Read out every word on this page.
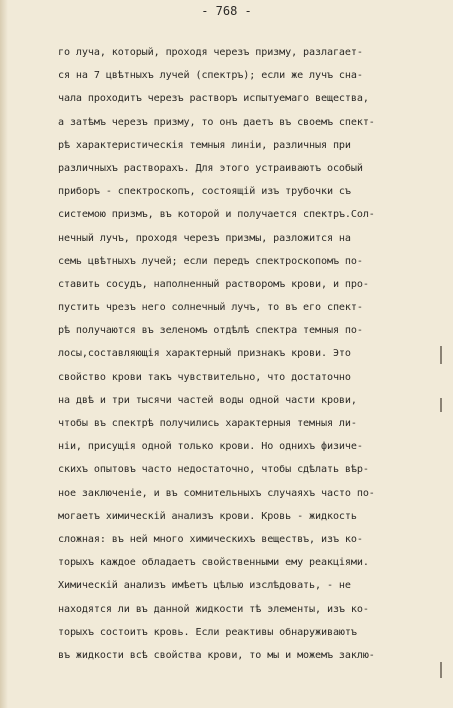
- 768 -
го луча, который, проходя черезъ призму, разлагает-
ся на 7 цвѣтныхъ лучей (спектръ); если же лучъ сна-
чала проходитъ черезъ растворъ испытуемаго вещества,
а затѣмъ черезъ призму, то онъ даетъ въ своемъ спект-
рѣ характеристическія темныя линіи, различныя при
различныхъ растворахъ. Для этого устраиваютъ особый
приборъ - спектроскопъ, состоящій изъ трубочки съ
системою призмъ, въ которой и получается спектръ.Сол-
нечный лучъ, проходя черезъ призмы, разложится на
семь цвѣтныхъ лучей; если передъ спектроскопомъ по-
ставить сосудъ, наполненный растворомъ крови, и про-
пустить чрезъ него солнечный лучъ, то въ его спект-
рѣ получаются въ зеленомъ отдѣлѣ спектра темныя по-
лосы,составляющія характерный признакъ крови. Это
свойство крови такъ чувствительно, что достаточно
на двѣ и три тысячи частей воды одной части крови,
чтобы въ спектрѣ получились характерныя темныя ли-
ніи, присущія одной только крови. Но однихъ физиче-
скихъ опытовъ часто недостаточно, чтобы сдѣлать вѣр-
ное заключеніе, и въ сомнительныхъ случаяхъ часто по-
могаетъ химическій анализъ крови. Кровь - жидкость
сложная: въ ней много химическихъ веществъ, изъ ко-
торыхъ каждое обладаетъ свойственными ему реакціями.
Химическій анализъ имѣетъ цѣлью изслѣдовать, - не
находятся ли въ данной жидкости тѣ элементы, изъ ко-
торыхъ состоитъ кровь. Если реактивы обнаруживаютъ
въ жидкости всѣ свойства крови, то мы и можемъ заклю-
